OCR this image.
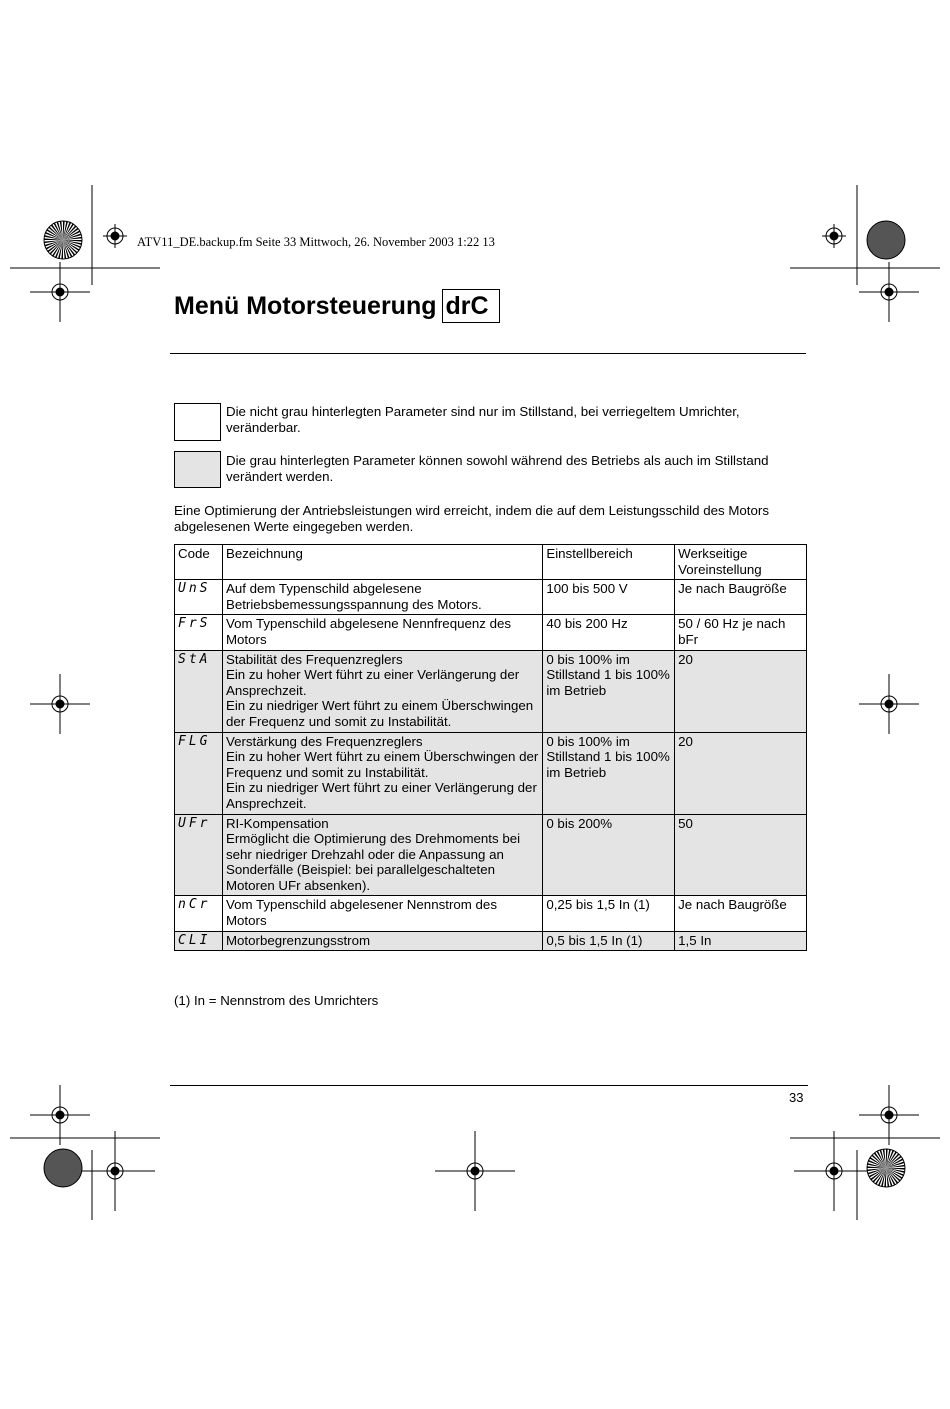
ATV11_DE.backup.fm Seite 33 Mittwoch, 26. November 2003 1:22 13
Menü Motorsteuerung drC
Die nicht grau hinterlegten Parameter sind nur im Stillstand, bei verriegeltem Umrichter, veränderbar.
Die grau hinterlegten Parameter können sowohl während des Betriebs als auch im Stillstand verändert werden.
Eine Optimierung der Antriebsleistungen wird erreicht, indem die auf dem Leistungsschild des Motors abgelesenen Werte eingegeben werden.
Code	Bezeichnung	Einstellbereich	Werkseitige Voreinstellung
UnS	Auf dem Typenschild abgelesene Betriebsbemessungsspannung des Motors.	100 bis 500 V	Je nach Baugröße
FrS	Vom Typenschild abgelesene Nennfrequenz des Motors	40 bis 200 Hz	50 / 60 Hz je nach bFr
StA	Stabilität des Frequenzreglers
Ein zu hoher Wert führt zu einer Verlängerung der Ansprechzeit.
Ein zu niedriger Wert führt zu einem Überschwingen der Frequenz und somit zu Instabilität.	0 bis 100% im Stillstand 1 bis 100% im Betrieb	20
FLG	Verstärkung des Frequenzreglers
Ein zu hoher Wert führt zu einem Überschwingen der Frequenz und somit zu Instabilität.
Ein zu niedriger Wert führt zu einer Verlängerung der Ansprechzeit.	0 bis 100% im Stillstand 1 bis 100% im Betrieb	20
UFr	RI-Kompensation
Ermöglicht die Optimierung des Drehmoments bei sehr niedriger Drehzahl oder die Anpassung an Sonderfälle (Beispiel: bei parallelgeschalteten Motoren UFr absenken).	0 bis 200%	50
nCr	Vom Typenschild abgelesener Nennstrom des Motors	0,25 bis 1,5 In (1)	Je nach Baugröße
CLI	Motorbegrenzungsstrom	0,5 bis 1,5 In (1)	1,5 In
(1) In = Nennstrom des Umrichters
33
